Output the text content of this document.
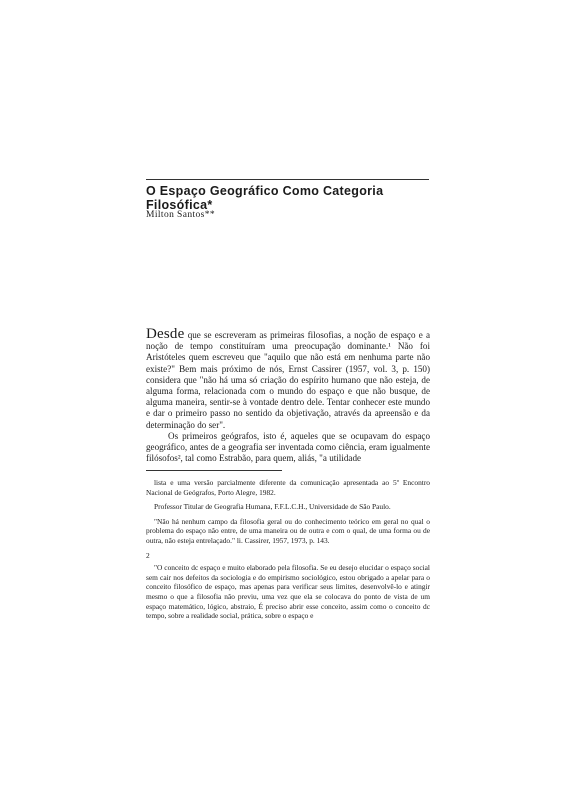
O Espaço Geográfico Como Categoria Filosófica*
Milton Santos**

Desde que se escreveram as primeiras filosofias, a noção de espaço e a noção de tempo constituíram uma preocupação dominante.¹ Não foi Aristóteles quem escreveu que "aquilo que não está em nenhuma parte não existe?" Bem mais próximo de nós, Ernst Cassirer (1957, vol. 3, p. 150) considera que "não há uma só criação do espírito humano que não esteja, de alguma forma, relacionada com o mundo do espaço e que não busque, de alguma maneira, sentir-se à vontade dentro dele. Tentar conhecer este mundo e dar o primeiro passo no sentido da objetivação, através da apreensão e da determinação do ser".

Os primeiros geógrafos, isto é, aqueles que se ocupavam do espaço geográfico, antes de a geografia ser inventada como ciência, eram igualmente filósofos², tal como Estrabão, para quem, aliás, "a utilidade

lista e uma versão parcialmente diferente da comunicação apresentada ao 5º Encontro Nacional de Geógrafos, Porto Alegre, 1982.

Professor Titular de Geografia Humana, F.F.L.C.H., Universidade de São Paulo.

"Não há nenhum campo da filosofia geral ou do conhecimento teórico em geral no qual o problema do espaço não entre, de uma maneira ou de outra e com o qual, de uma forma ou de outra, não esteja entrelaçado." li. Cassirer, 1957, 1973, p. 143.

2

"O conceito dc espaço e muito elaborado pela filosofia. Se eu desejo elucidar o espaço social sem cair nos defeitos da sociologia e do empirismo sociológico, estou obrigado a apelar para o conceito filosófico de espaço, mas apenas para verificar seus limites, desenvolvê-lo e atingir mesmo o que a filosofia não previu, uma vez que ela se colocava do ponto de vista de um espaço matemático, lógico, abstraio, É preciso abrir esse conceito, assim como o conceito dc tempo, sobre a realidade social, prática, sobre o espaço e
